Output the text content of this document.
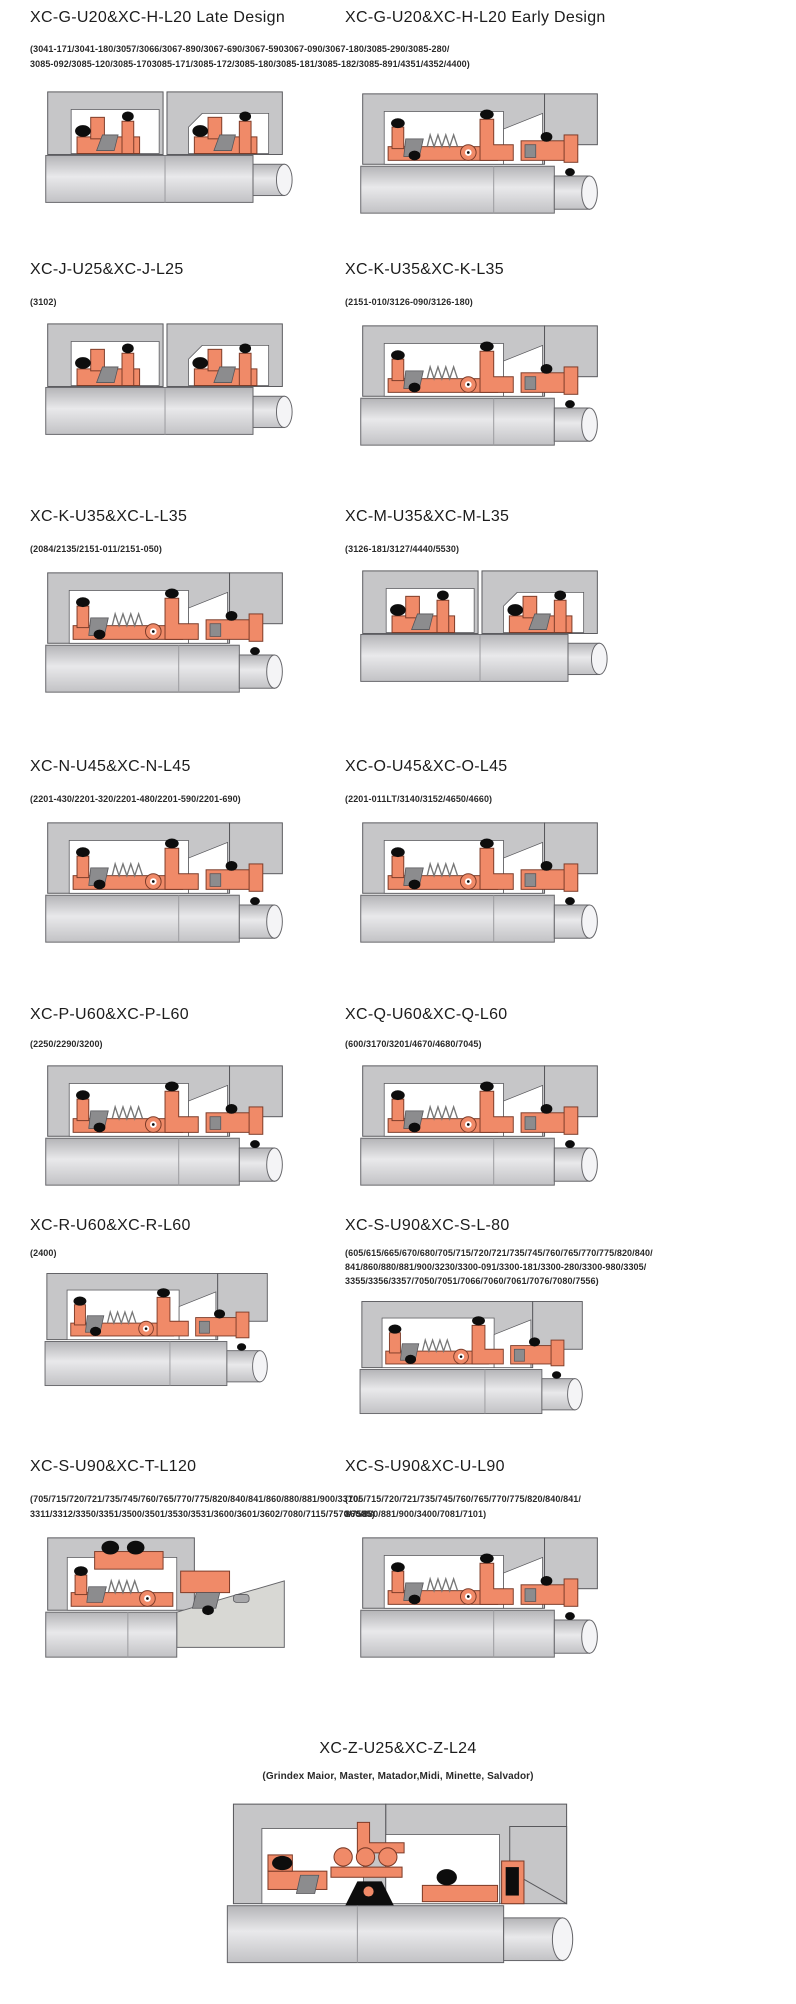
XC-G-U20&XC-H-L20 Late Design	XC-G-U20&XC-H-L20 Early Design
(3041-171/3041-180/3057/3066/3067-890/3067-690/3067-5903067-090/3067-180/3085-290/3085-280/
3085-092/3085-120/3085-1703085-171/3085-172/3085-180/3085-181/3085-182/3085-891/4351/4352/4400)
XC-J-U25&XC-J-L25
(3102)
XC-K-U35&XC-K-L35
(2151-010/3126-090/3126-180)
XC-K-U35&XC-L-L35
(2084/2135/2151-011/2151-050)
XC-M-U35&XC-M-L35
(3126-181/3127/4440/5530)
XC-N-U45&XC-N-L45
(2201-430/2201-320/2201-480/2201-590/2201-690)
XC-O-U45&XC-O-L45
(2201-011LT/3140/3152/4650/4660)
XC-P-U60&XC-P-L60
(2250/2290/3200)
XC-Q-U60&XC-Q-L60
(600/3170/3201/4670/4680/7045)
XC-R-U60&XC-R-L60
(2400)
XC-S-U90&XC-S-L-80
(605/615/665/670/680/705/715/720/721/735/745/760/765/770/775/820/840/
841/860/880/881/900/3230/3300-091/3300-181/3300-280/3300-980/3305/
3355/3356/3357/7050/7051/7066/7060/7061/7076/7080/7556)
XC-S-U90&XC-T-L120
(705/715/720/721/735/745/760/765/770/775/820/840/841/860/880/881/900/3310/
3311/3312/3350/3351/3500/3501/3530/3531/3600/3601/3602/7080/7115/7570/7585)
XC-S-U90&XC-U-L90
(705/715/720/721/735/745/760/765/770/775/820/840/841/
860/880/881/900/3400/7081/7101)
XC-Z-U25&XC-Z-L24
(Grindex Maior, Master, Matador,Midi, Minette, Salvador)
